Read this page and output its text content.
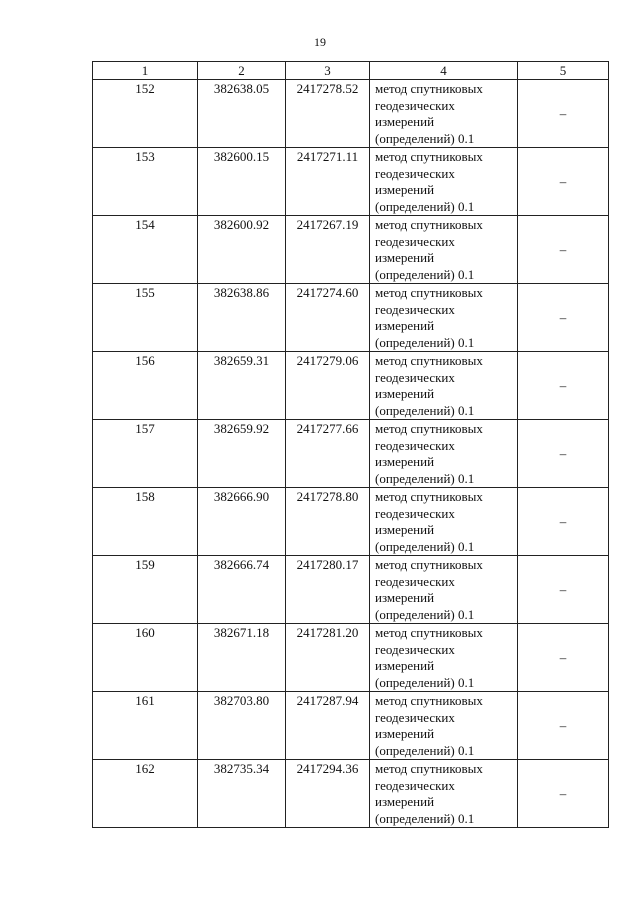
19
1	2	3	4	5
152	382638.05	2417278.52	метод спутниковых
геодезических
измерений
(определений) 0.1	–
153	382600.15	2417271.11	метод спутниковых
геодезических
измерений
(определений) 0.1	–
154	382600.92	2417267.19	метод спутниковых
геодезических
измерений
(определений) 0.1	–
155	382638.86	2417274.60	метод спутниковых
геодезических
измерений
(определений) 0.1	–
156	382659.31	2417279.06	метод спутниковых
геодезических
измерений
(определений) 0.1	–
157	382659.92	2417277.66	метод спутниковых
геодезических
измерений
(определений) 0.1	–
158	382666.90	2417278.80	метод спутниковых
геодезических
измерений
(определений) 0.1	–
159	382666.74	2417280.17	метод спутниковых
геодезических
измерений
(определений) 0.1	–
160	382671.18	2417281.20	метод спутниковых
геодезических
измерений
(определений) 0.1	–
161	382703.80	2417287.94	метод спутниковых
геодезических
измерений
(определений) 0.1	–
162	382735.34	2417294.36	метод спутниковых
геодезических
измерений
(определений) 0.1	–
